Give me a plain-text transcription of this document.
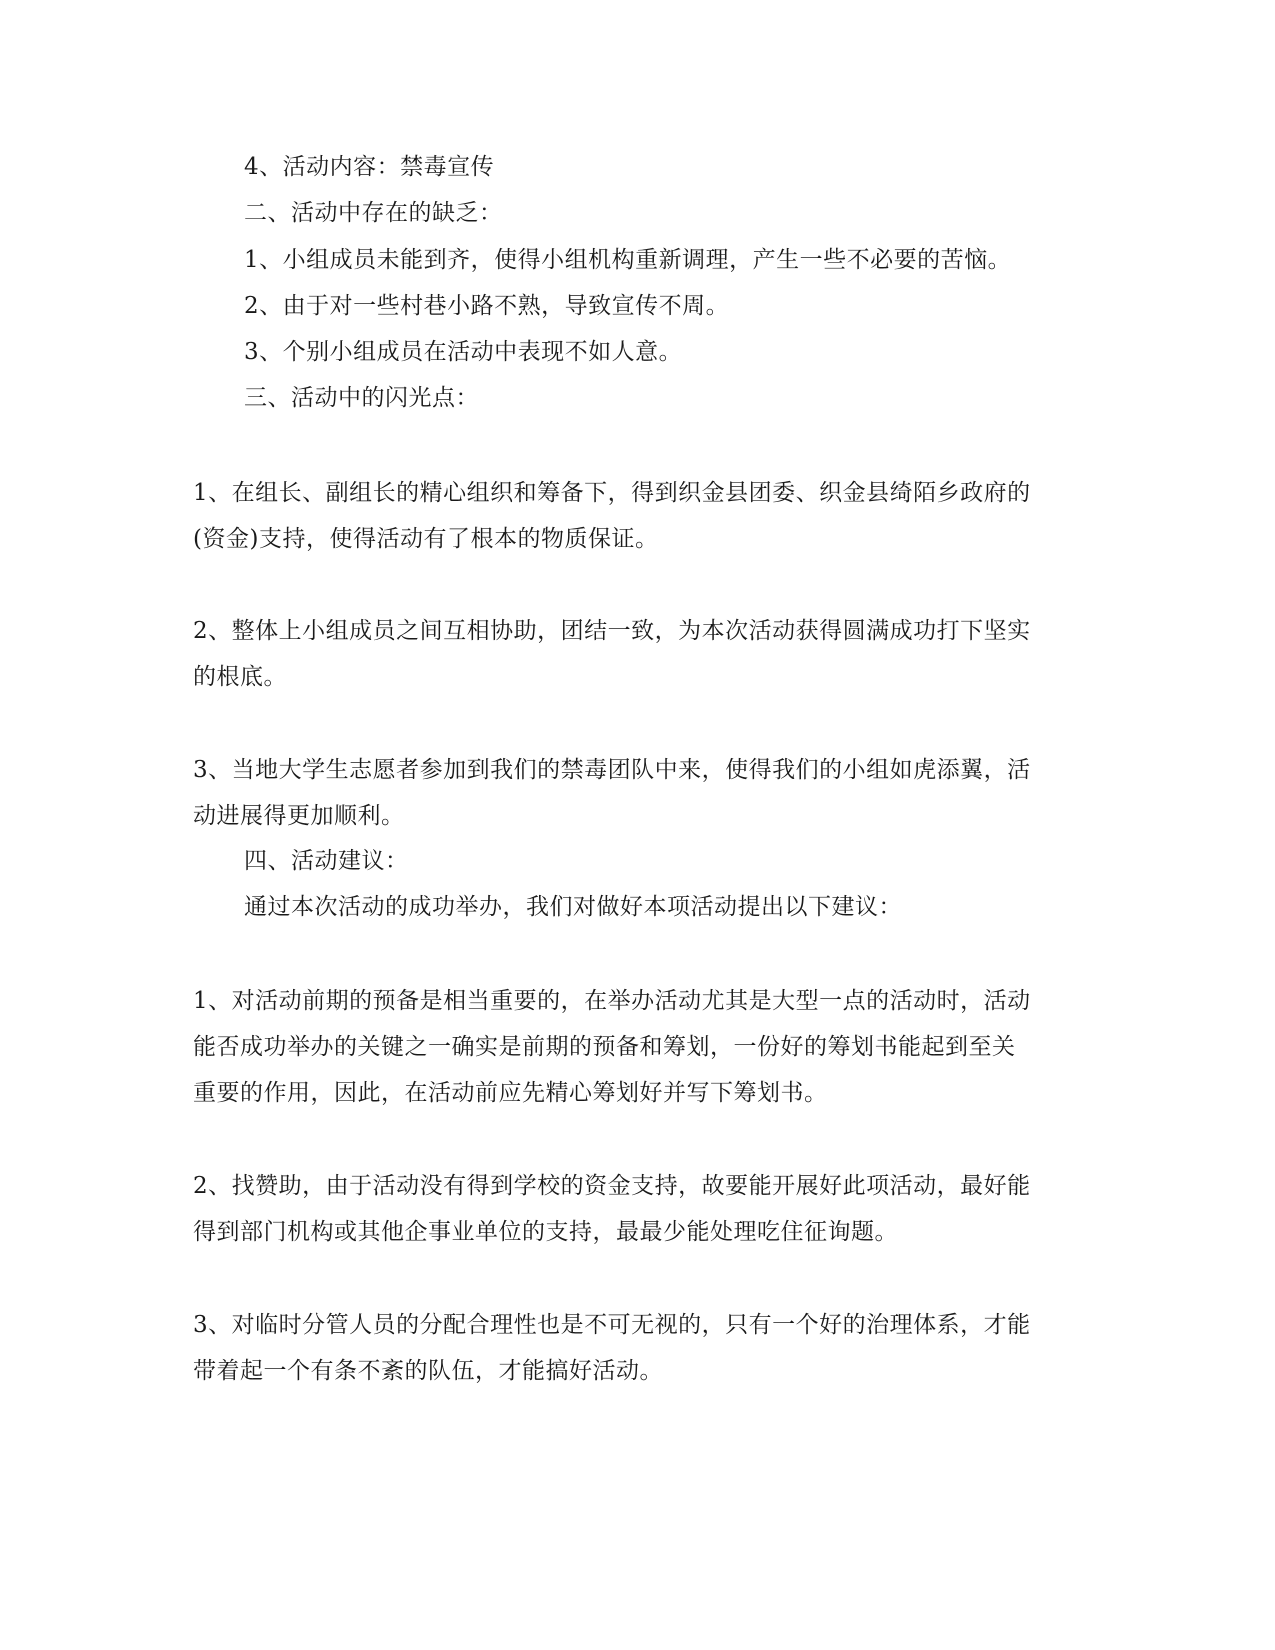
4、活动内容：禁毒宣传
二、活动中存在的缺乏：
1、小组成员未能到齐，使得小组机构重新调理，产生一些不必要的苦恼。
2、由于对一些村巷小路不熟，导致宣传不周。
3、个别小组成员在活动中表现不如人意。
三、活动中的闪光点：
1、在组长、副组长的精心组织和筹备下，得到织金县团委、织金县绮陌乡政府的
(资金)支持，使得活动有了根本的物质保证。
2、整体上小组成员之间互相协助，团结一致，为本次活动获得圆满成功打下坚实
的根底。
3、当地大学生志愿者参加到我们的禁毒团队中来，使得我们的小组如虎添翼，活
动进展得更加顺利。
四、活动建议：
通过本次活动的成功举办，我们对做好本项活动提出以下建议：
1、对活动前期的预备是相当重要的，在举办活动尤其是大型一点的活动时，活动
能否成功举办的关键之一确实是前期的预备和筹划，一份好的筹划书能起到至关
重要的作用，因此，在活动前应先精心筹划好并写下筹划书。
2、找赞助，由于活动没有得到学校的资金支持，故要能开展好此项活动，最好能
得到部门机构或其他企事业单位的支持，最最少能处理吃住征询题。
3、对临时分管人员的分配合理性也是不可无视的，只有一个好的治理体系，才能
带着起一个有条不紊的队伍，才能搞好活动。
